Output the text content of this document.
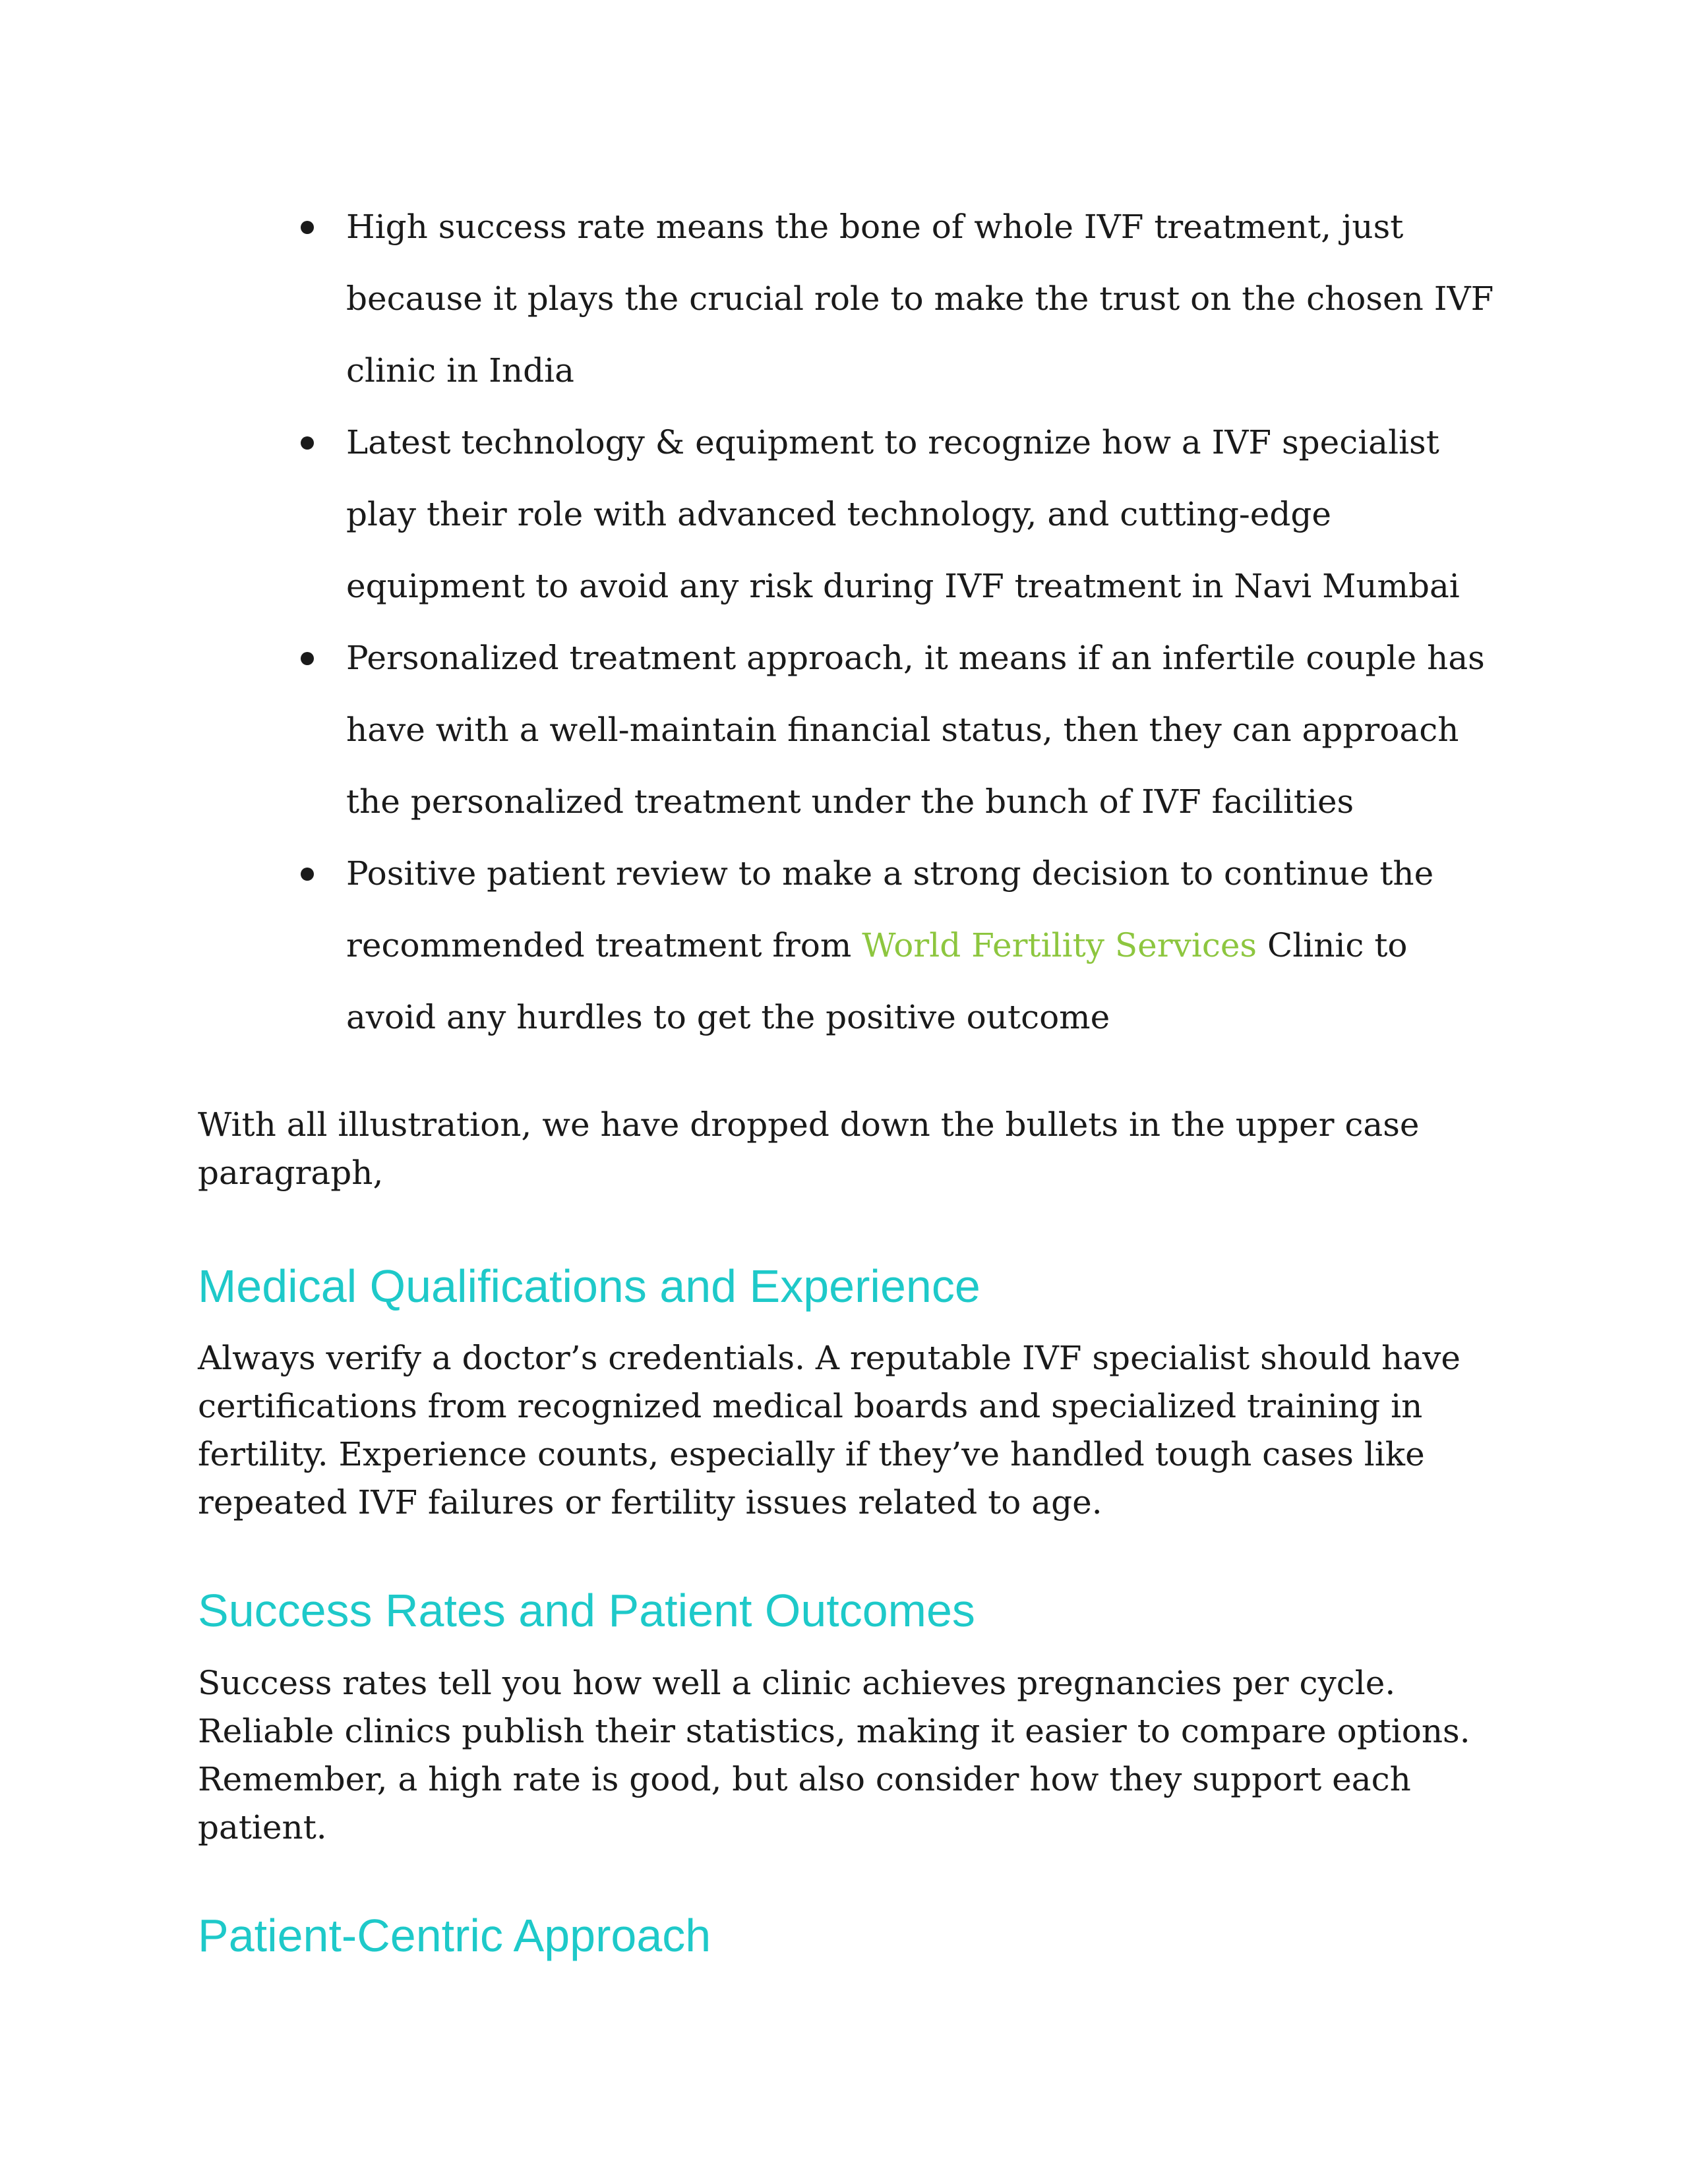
High success rate means the bone of whole IVF treatment, just because it plays the crucial role to make the trust on the chosen IVF clinic in India
Latest technology & equipment to recognize how a IVF specialist play their role with advanced technology, and cutting-edge equipment to avoid any risk during IVF treatment in Navi Mumbai
Personalized treatment approach, it means if an infertile couple has have with a well-maintain financial status, then they can approach the personalized treatment under the bunch of IVF facilities
Positive patient review to make a strong decision to continue the recommended treatment from World Fertility Services Clinic to avoid any hurdles to get the positive outcome

With all illustration, we have dropped down the bullets in the upper case paragraph,

Medical Qualifications and Experience

Always verify a doctor’s credentials. A reputable IVF specialist should have certifications from recognized medical boards and specialized training in fertility. Experience counts, especially if they’ve handled tough cases like repeated IVF failures or fertility issues related to age.

Success Rates and Patient Outcomes

Success rates tell you how well a clinic achieves pregnancies per cycle. Reliable clinics publish their statistics, making it easier to compare options. Remember, a high rate is good, but also consider how they support each patient.

Patient-Centric Approach
